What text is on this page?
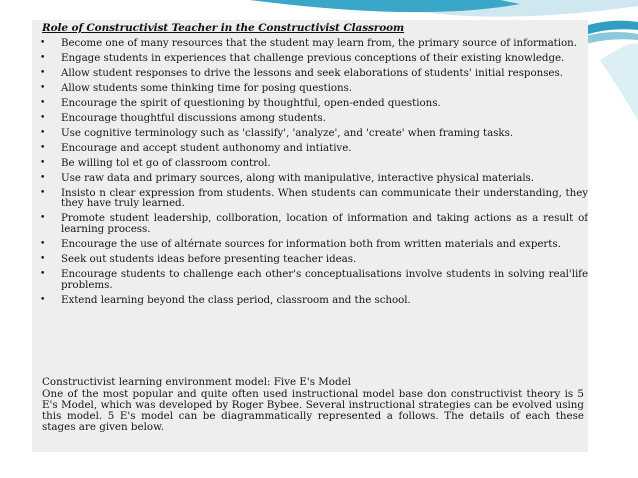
Role of Constructivist Teacher in the Constructivist Classroom
• Become one of many resources that the student may learn from, the primary source of information.
• Engage students in experiences that challenge previous conceptions of their existing knowledge.
• Allow student responses to drive the lessons and seek elaborations of students' initial responses.
• Allow students some thinking time for posing questions.
• Encourage the spirit of questioning by thoughtful, open-ended questions.
• Encourage thoughtful discussions among students.
• Use cognitive terminology such as 'classify', 'analyze', and 'create' when framing tasks.
• Encourage and accept student authonomy and intiative.
• Be willing tol et go of classroom control.
• Use raw data and primary sources, along with manipulative, interactive physical materials.
• Insisto n clear expression from students. When students can communicate their understanding, they they have truly learned.
• Promote student leadership, collboration, location of information and taking actions as a result of learning process.
• Encourage the use of altérnate sources for information both from written materials and experts.
• Seek out students ideas before presenting teacher ideas.
• Encourage students to challenge each other's conceptualisations involve students in solving real'life problems.
• Extend learning beyond the class period, classroom and the school.
Constructivist learning environment model: Five E's Model

One of the most popular and quite often used instructional model base don constructivist theory is 5 E's Model, which was developed by Roger Bybee. Several instructional strategies can be evolved using this model. 5 E's model can be diagrammatically represented a follows. The details of each these stages are given below.
